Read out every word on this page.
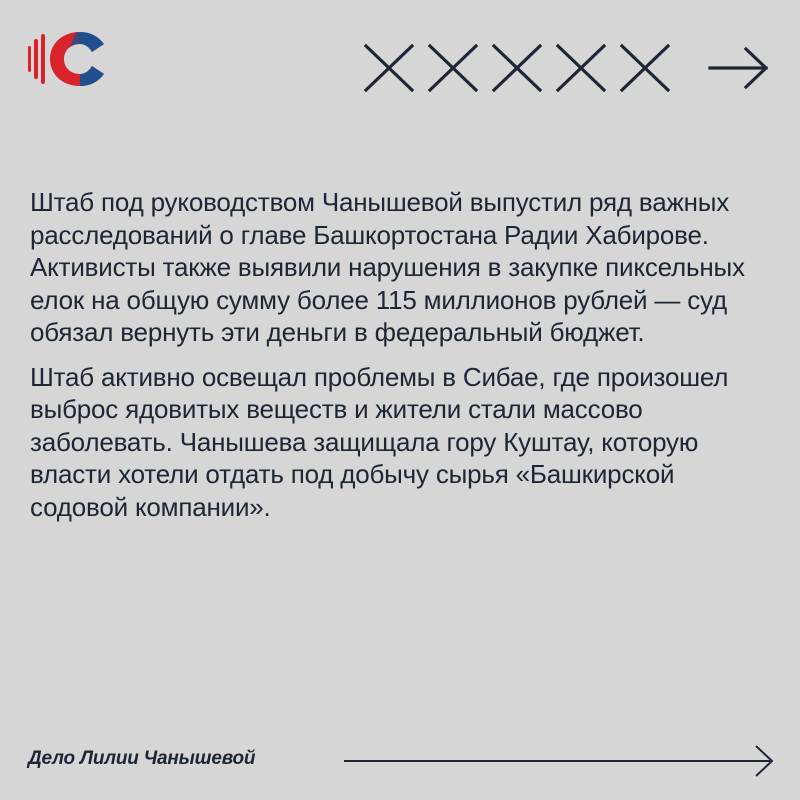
Штаб под руководством Чанышевой выпустил ряд важных расследований о главе Башкортостана Радии Хабирове. Активисты также выявили нарушения в закупке пиксельных елок на общую сумму более 115 миллионов рублей — суд обязал вернуть эти деньги в федеральный бюджет.

Штаб активно освещал проблемы в Сибае, где произошел выброс ядовитых веществ и жители стали массово заболевать. Чанышева защищала гору Куштау, которую власти хотели отдать под добычу сырья «Башкирской содовой компании».

Дело Лилии Чанышевой
